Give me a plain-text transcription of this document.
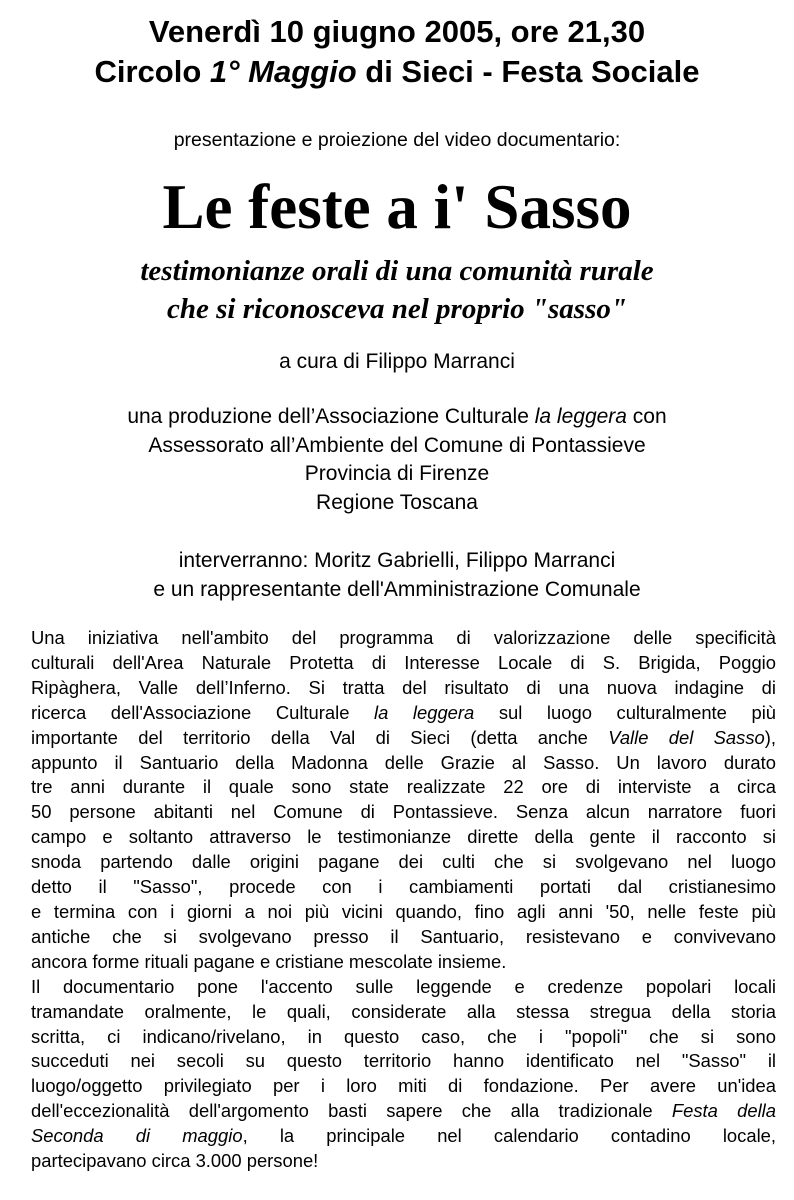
Venerdì 10 giugno 2005, ore 21,30
Circolo 1° Maggio di Sieci - Festa Sociale
presentazione e proiezione del video documentario:
Le feste a i' Sasso
testimonianze orali di una comunità rurale
che si riconosceva nel proprio "sasso"
a cura di Filippo Marranci
una produzione dell’Associazione Culturale la leggera con
Assessorato all’Ambiente del Comune di Pontassieve
Provincia di Firenze
Regione Toscana
interverranno: Moritz Gabrielli, Filippo Marranci
e un rappresentante dell'Amministrazione Comunale
Una iniziativa nell'ambito del programma di valorizzazione delle specificità
culturali dell'Area Naturale Protetta di Interesse Locale di S. Brigida, Poggio
Ripàghera, Valle dell’Inferno. Si tratta del risultato di una nuova indagine di
ricerca dell'Associazione Culturale la leggera sul luogo culturalmente più
importante del territorio della Val di Sieci (detta anche Valle del Sasso),
appunto il Santuario della Madonna delle Grazie al Sasso. Un lavoro durato
tre anni durante il quale sono state realizzate 22 ore di interviste a circa
50 persone abitanti nel Comune di Pontassieve. Senza alcun narratore fuori
campo e soltanto attraverso le testimonianze dirette della gente il racconto si
snoda partendo dalle origini pagane dei culti che si svolgevano nel luogo
detto il "Sasso", procede con i cambiamenti portati dal cristianesimo
e termina con i giorni a noi più vicini quando, fino agli anni '50, nelle feste più
antiche che si svolgevano presso il Santuario, resistevano e convivevano
ancora forme rituali pagane e cristiane mescolate insieme.
Il documentario pone l'accento sulle leggende e credenze popolari locali
tramandate oralmente, le quali, considerate alla stessa stregua della storia
scritta, ci indicano/rivelano, in questo caso, che i "popoli" che si sono
succeduti nei secoli su questo territorio hanno identificato nel "Sasso" il
luogo/oggetto privilegiato per i loro miti di fondazione. Per avere un'idea
dell'eccezionalità dell'argomento basti sapere che alla tradizionale Festa della
Seconda di maggio, la principale nel calendario contadino locale,
partecipavano circa 3.000 persone!
